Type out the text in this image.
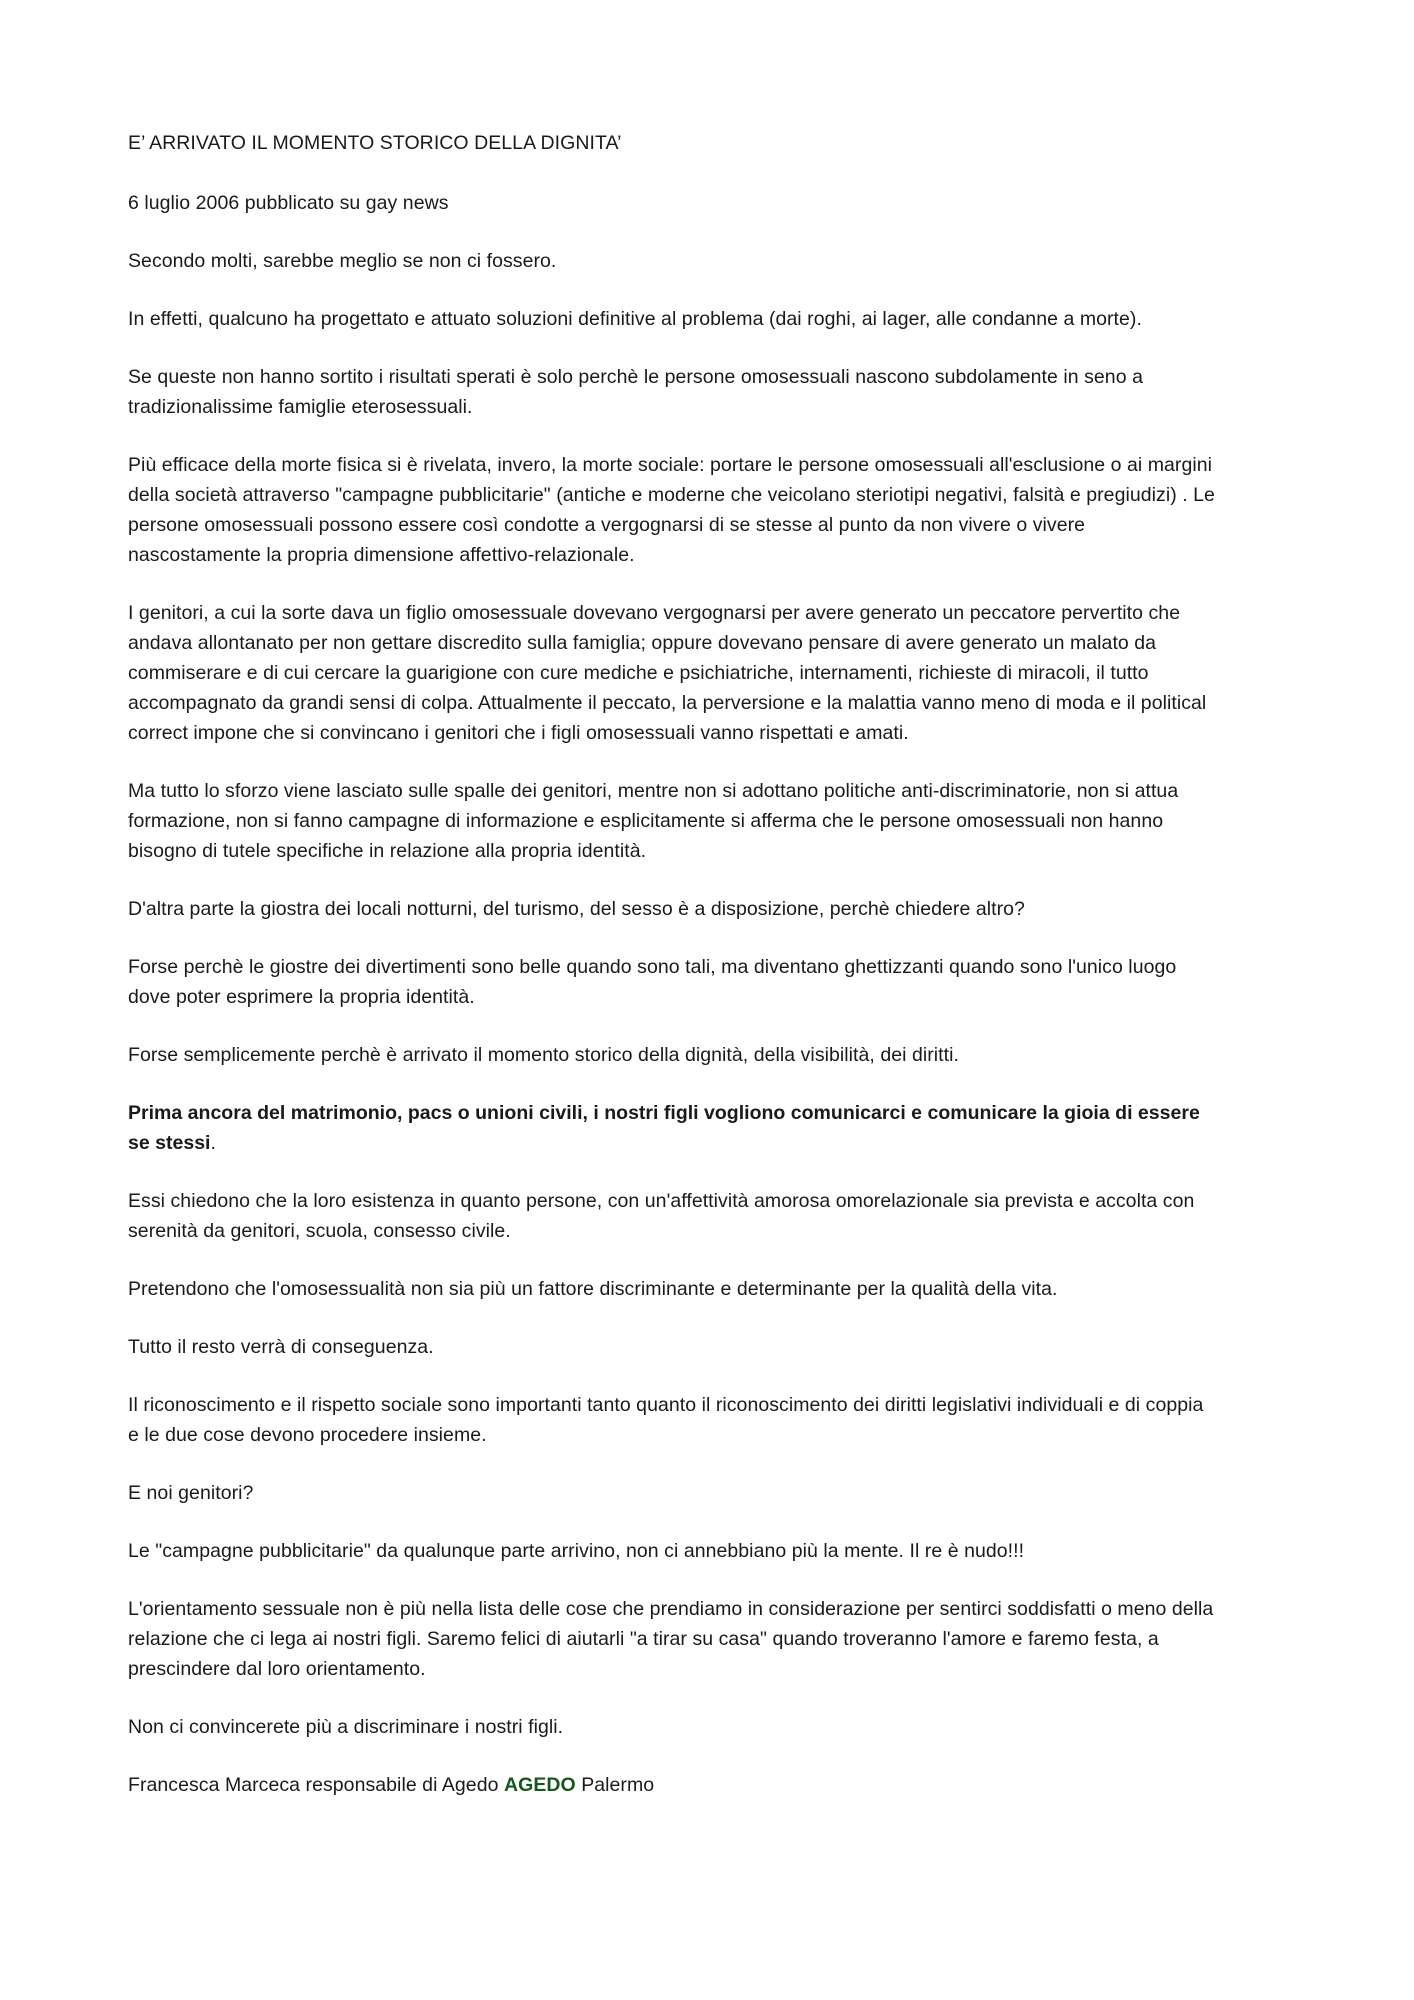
E’ ARRIVATO IL MOMENTO STORICO DELLA DIGNITA’

6 luglio 2006 pubblicato su gay news

Secondo molti, sarebbe meglio se non ci fossero.

In effetti, qualcuno ha progettato e attuato soluzioni definitive al problema (dai roghi, ai lager, alle condanne a morte).

Se queste non hanno sortito i risultati sperati è solo perchè le persone omosessuali nascono subdolamente in seno a tradizionalissime famiglie eterosessuali.

Più efficace della morte fisica si è rivelata, invero, la morte sociale: portare le persone omosessuali all'esclusione o ai margini della società attraverso "campagne pubblicitarie" (antiche e moderne che veicolano steriotipi negativi, falsità e pregiudizi) . Le persone omosessuali possono essere così condotte a vergognarsi di se stesse al punto da non vivere o vivere nascostamente la propria dimensione affettivo-relazionale.

I genitori, a cui la sorte dava un figlio omosessuale dovevano vergognarsi per avere generato un peccatore pervertito che andava allontanato per non gettare discredito sulla famiglia; oppure dovevano pensare di avere generato un malato da commiserare e di cui cercare la guarigione con cure mediche e psichiatriche, internamenti, richieste di miracoli, il tutto accompagnato da grandi sensi di colpa. Attualmente il peccato, la perversione e la malattia vanno meno di moda e il political correct impone che si convincano i genitori che i figli omosessuali vanno rispettati e amati.

Ma tutto lo sforzo viene lasciato sulle spalle dei genitori, mentre non si adottano politiche anti-discriminatorie, non si attua formazione, non si fanno campagne di informazione e esplicitamente si afferma che le persone omosessuali non hanno bisogno di tutele specifiche in relazione alla propria identità.

D'altra parte la giostra dei locali notturni, del turismo, del sesso è a disposizione, perchè chiedere altro?

Forse perchè le giostre dei divertimenti sono belle quando sono tali, ma diventano ghettizzanti quando sono l'unico luogo dove poter esprimere la propria identità.

Forse semplicemente perchè è arrivato il momento storico della dignità, della visibilità, dei diritti.

Prima ancora del matrimonio, pacs o unioni civili, i nostri figli vogliono comunicarci e comunicare la gioia di essere se stessi.

Essi chiedono che la loro esistenza in quanto persone, con un'affettività amorosa omorelazionale sia prevista e accolta con serenità da genitori, scuola, consesso civile.

Pretendono che l'omosessualità non sia più un fattore discriminante e determinante per la qualità della vita.

Tutto il resto verrà di conseguenza.

Il riconoscimento e il rispetto sociale sono importanti tanto quanto il riconoscimento dei diritti legislativi individuali e di coppia e le due cose devono procedere insieme.

E noi genitori?

Le "campagne pubblicitarie" da qualunque parte arrivino, non ci annebbiano più la mente. Il re è nudo!!!

L'orientamento sessuale non è più nella lista delle cose che prendiamo in considerazione per sentirci soddisfatti o meno della relazione che ci lega ai nostri figli. Saremo felici di aiutarli "a tirar su casa" quando troveranno l'amore e faremo festa, a prescindere dal loro orientamento.

Non ci convincerete più a discriminare i nostri figli.

Francesca Marceca responsabile di Agedo AGEDO Palermo
